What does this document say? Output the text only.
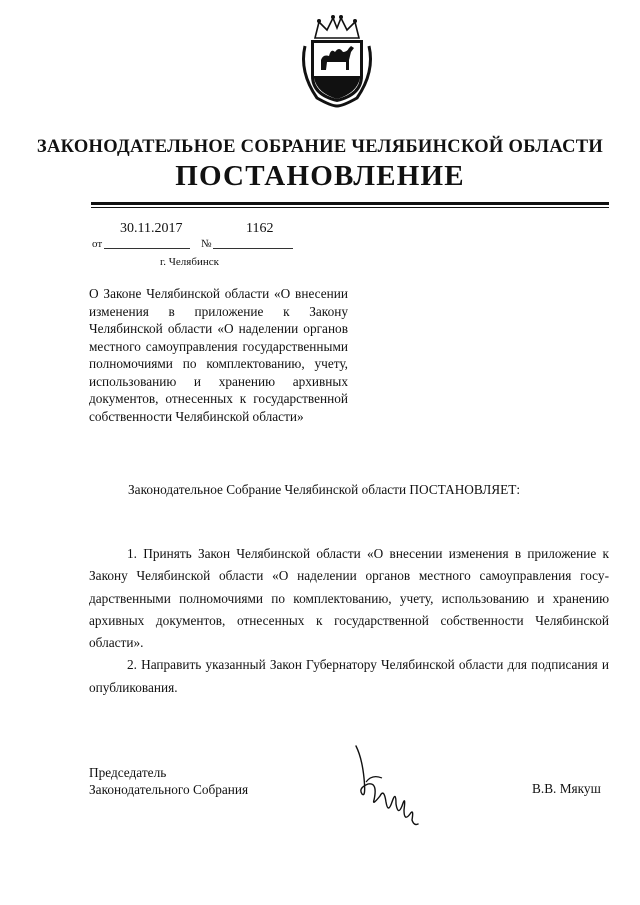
ЗАКОНОДАТЕЛЬНОЕ СОБРАНИЕ ЧЕЛЯБИНСКОЙ ОБЛАСТИ
ПОСТАНОВЛЕНИЕ
30.11.2017	1162
от	№
г. Челябинск
О Законе Челябинской области «О внесении изменения в приложение к Закону Челябинской области «О наделении органов местного самоуправления государственными полномочиями по комплектованию, учету, использованию и хранению архивных документов, отнесенных к государственной собственности Челябинской области»
Законодательное Собрание Челябинской области ПОСТАНОВЛЯЕТ:

1. Принять Закон Челябинской области «О внесении изменения в приложение к Закону Челябинской области «О наделении органов местного самоуправления государственными полномочиями по комплектованию, учету, использованию и хранению архивных документов, отнесенных к государственной собственности Челябинской области».

2. Направить указанный Закон Губернатору Челябинской области для подписания и опубликования.

Председатель
Законодательного Собрания	В.В. Мякуш
